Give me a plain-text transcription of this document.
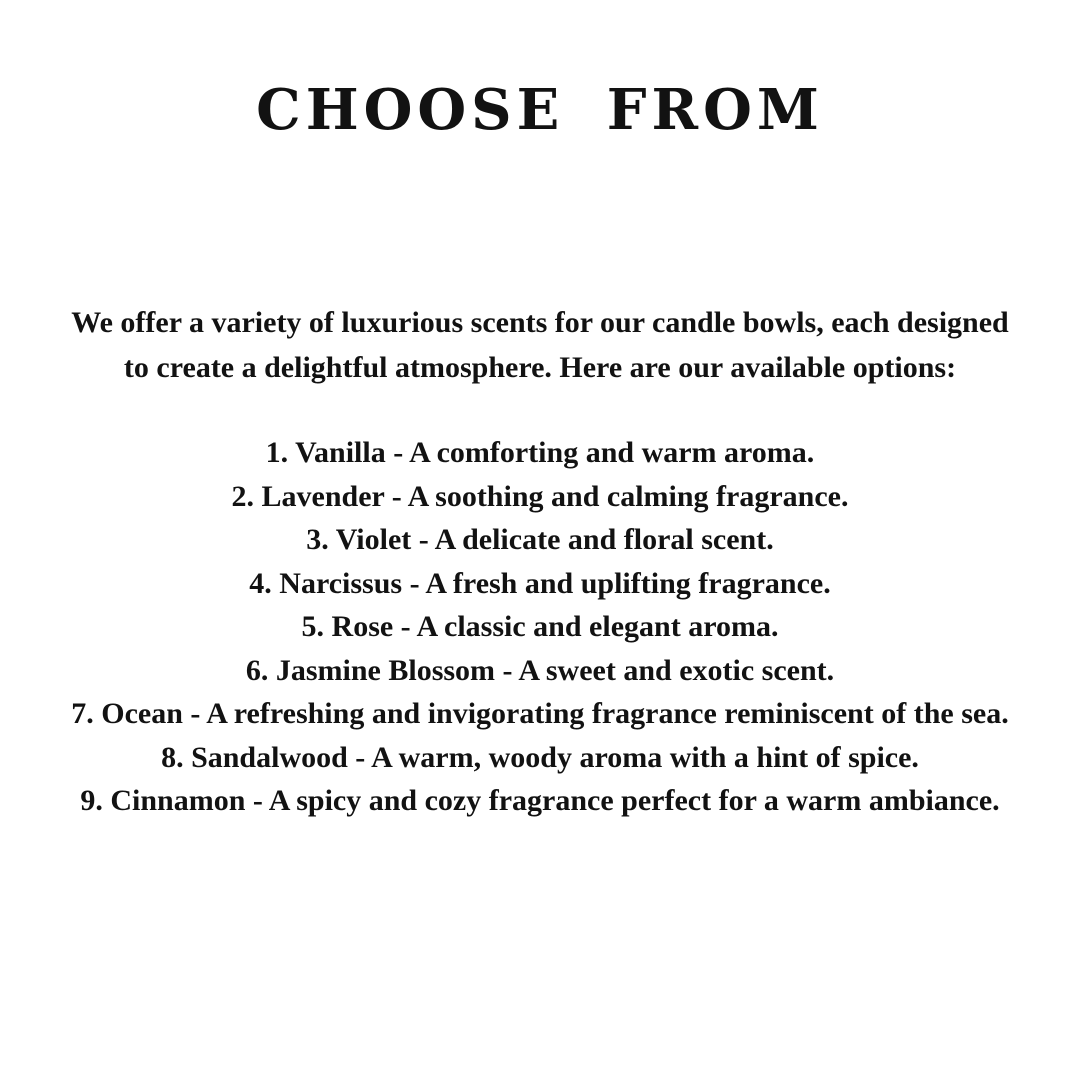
CHOOSE FROM
We offer a variety of luxurious scents for our candle bowls, each designed
to create a delightful atmosphere. Here are our available options:
1. Vanilla - A comforting and warm aroma.
2. Lavender - A soothing and calming fragrance.
3. Violet - A delicate and floral scent.
4. Narcissus - A fresh and uplifting fragrance.
5. Rose - A classic and elegant aroma.
6. Jasmine Blossom - A sweet and exotic scent.
7. Ocean - A refreshing and invigorating fragrance reminiscent of the sea.
8. Sandalwood - A warm, woody aroma with a hint of spice.
9. Cinnamon - A spicy and cozy fragrance perfect for a warm ambiance.
